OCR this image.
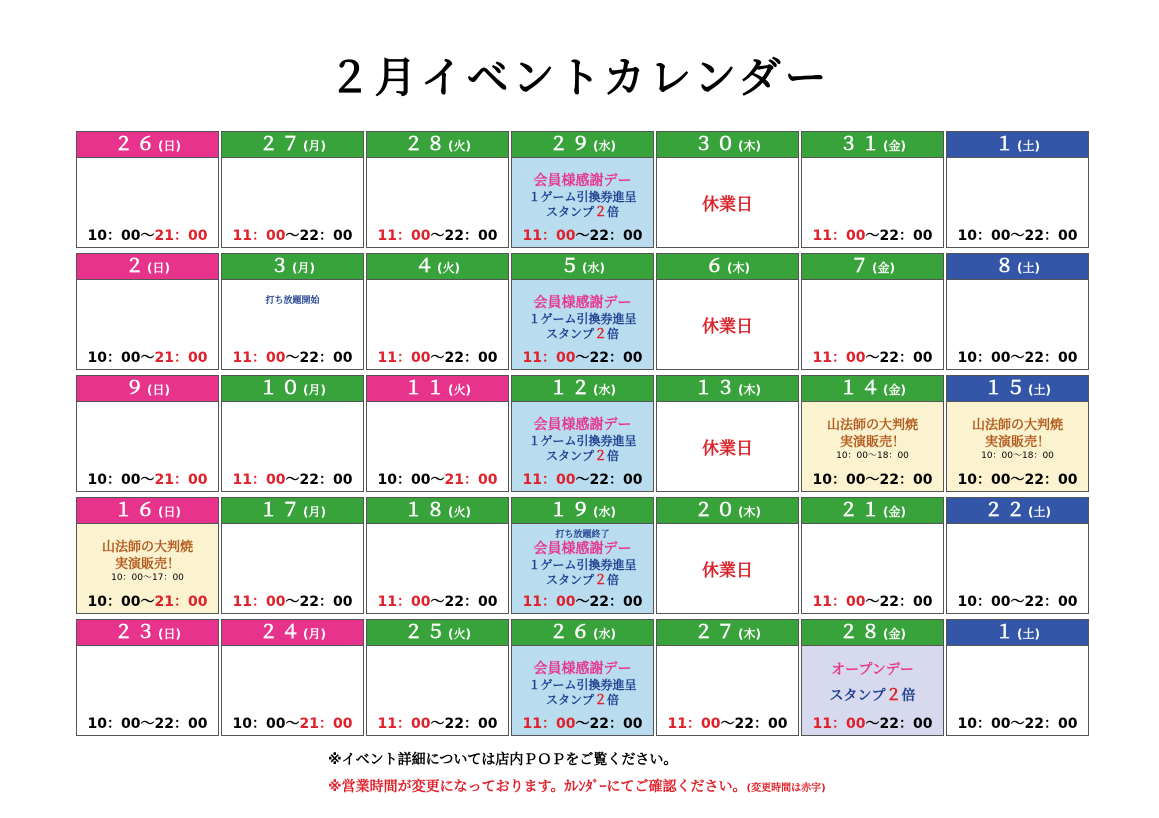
２月イベントカレンダー
２６(日)
10：00～21：00
２７(月)
11：00～22：00
２８(火)
11：00～22：00
２９(水)
会員様感謝デー
１ゲーム引換券進呈
スタンプ２倍
11：00～22：00
３０(木)
休業日
３１(金)
11：00～22：00
１(土)
10：00～22：00
２(日)
10：00～21：00
３(月)
打ち放題開始
11：00～22：00
４(火)
11：00～22：00
５(水)
会員様感謝デー
１ゲーム引換券進呈
スタンプ２倍
11：00～22：00
６(木)
休業日
７(金)
11：00～22：00
８(土)
10：00～22：00
９(日)
10：00～21：00
１０(月)
11：00～22：00
１１(火)
10：00～21：00
１２(水)
会員様感謝デー
１ゲーム引換券進呈
スタンプ２倍
11：00～22：00
１３(木)
休業日
１４(金)
山法師の大判焼
実演販売！
10：00～18：00
10：00～22：00
１５(土)
山法師の大判焼
実演販売！
10：00～18：00
10：00～22：00
１６(日)
山法師の大判焼
実演販売！
10：00～17：00
10：00～21：00
１７(月)
11：00～22：00
１８(火)
11：00～22：00
１９(水)
打ち放題終了
会員様感謝デー
１ゲーム引換券進呈
スタンプ２倍
11：00～22：00
２０(木)
休業日
２１(金)
11：00～22：00
２２(土)
10：00～22：00
２３(日)
10：00～22：00
２４(月)
10：00～21：00
２５(火)
11：00～22：00
２６(水)
会員様感謝デー
１ゲーム引換券進呈
スタンプ２倍
11：00～22：00
２７(木)
11：00～22：00
２８(金)
オープンデー
スタンプ２倍
11：00～22：00
１(土)
10：00～22：00
※イベント詳細については店内ＰＯＰをご覧ください。
※営業時間が変更になっております。ｶﾚﾝﾀﾞｰにてご確認ください。(変更時間は赤字)
